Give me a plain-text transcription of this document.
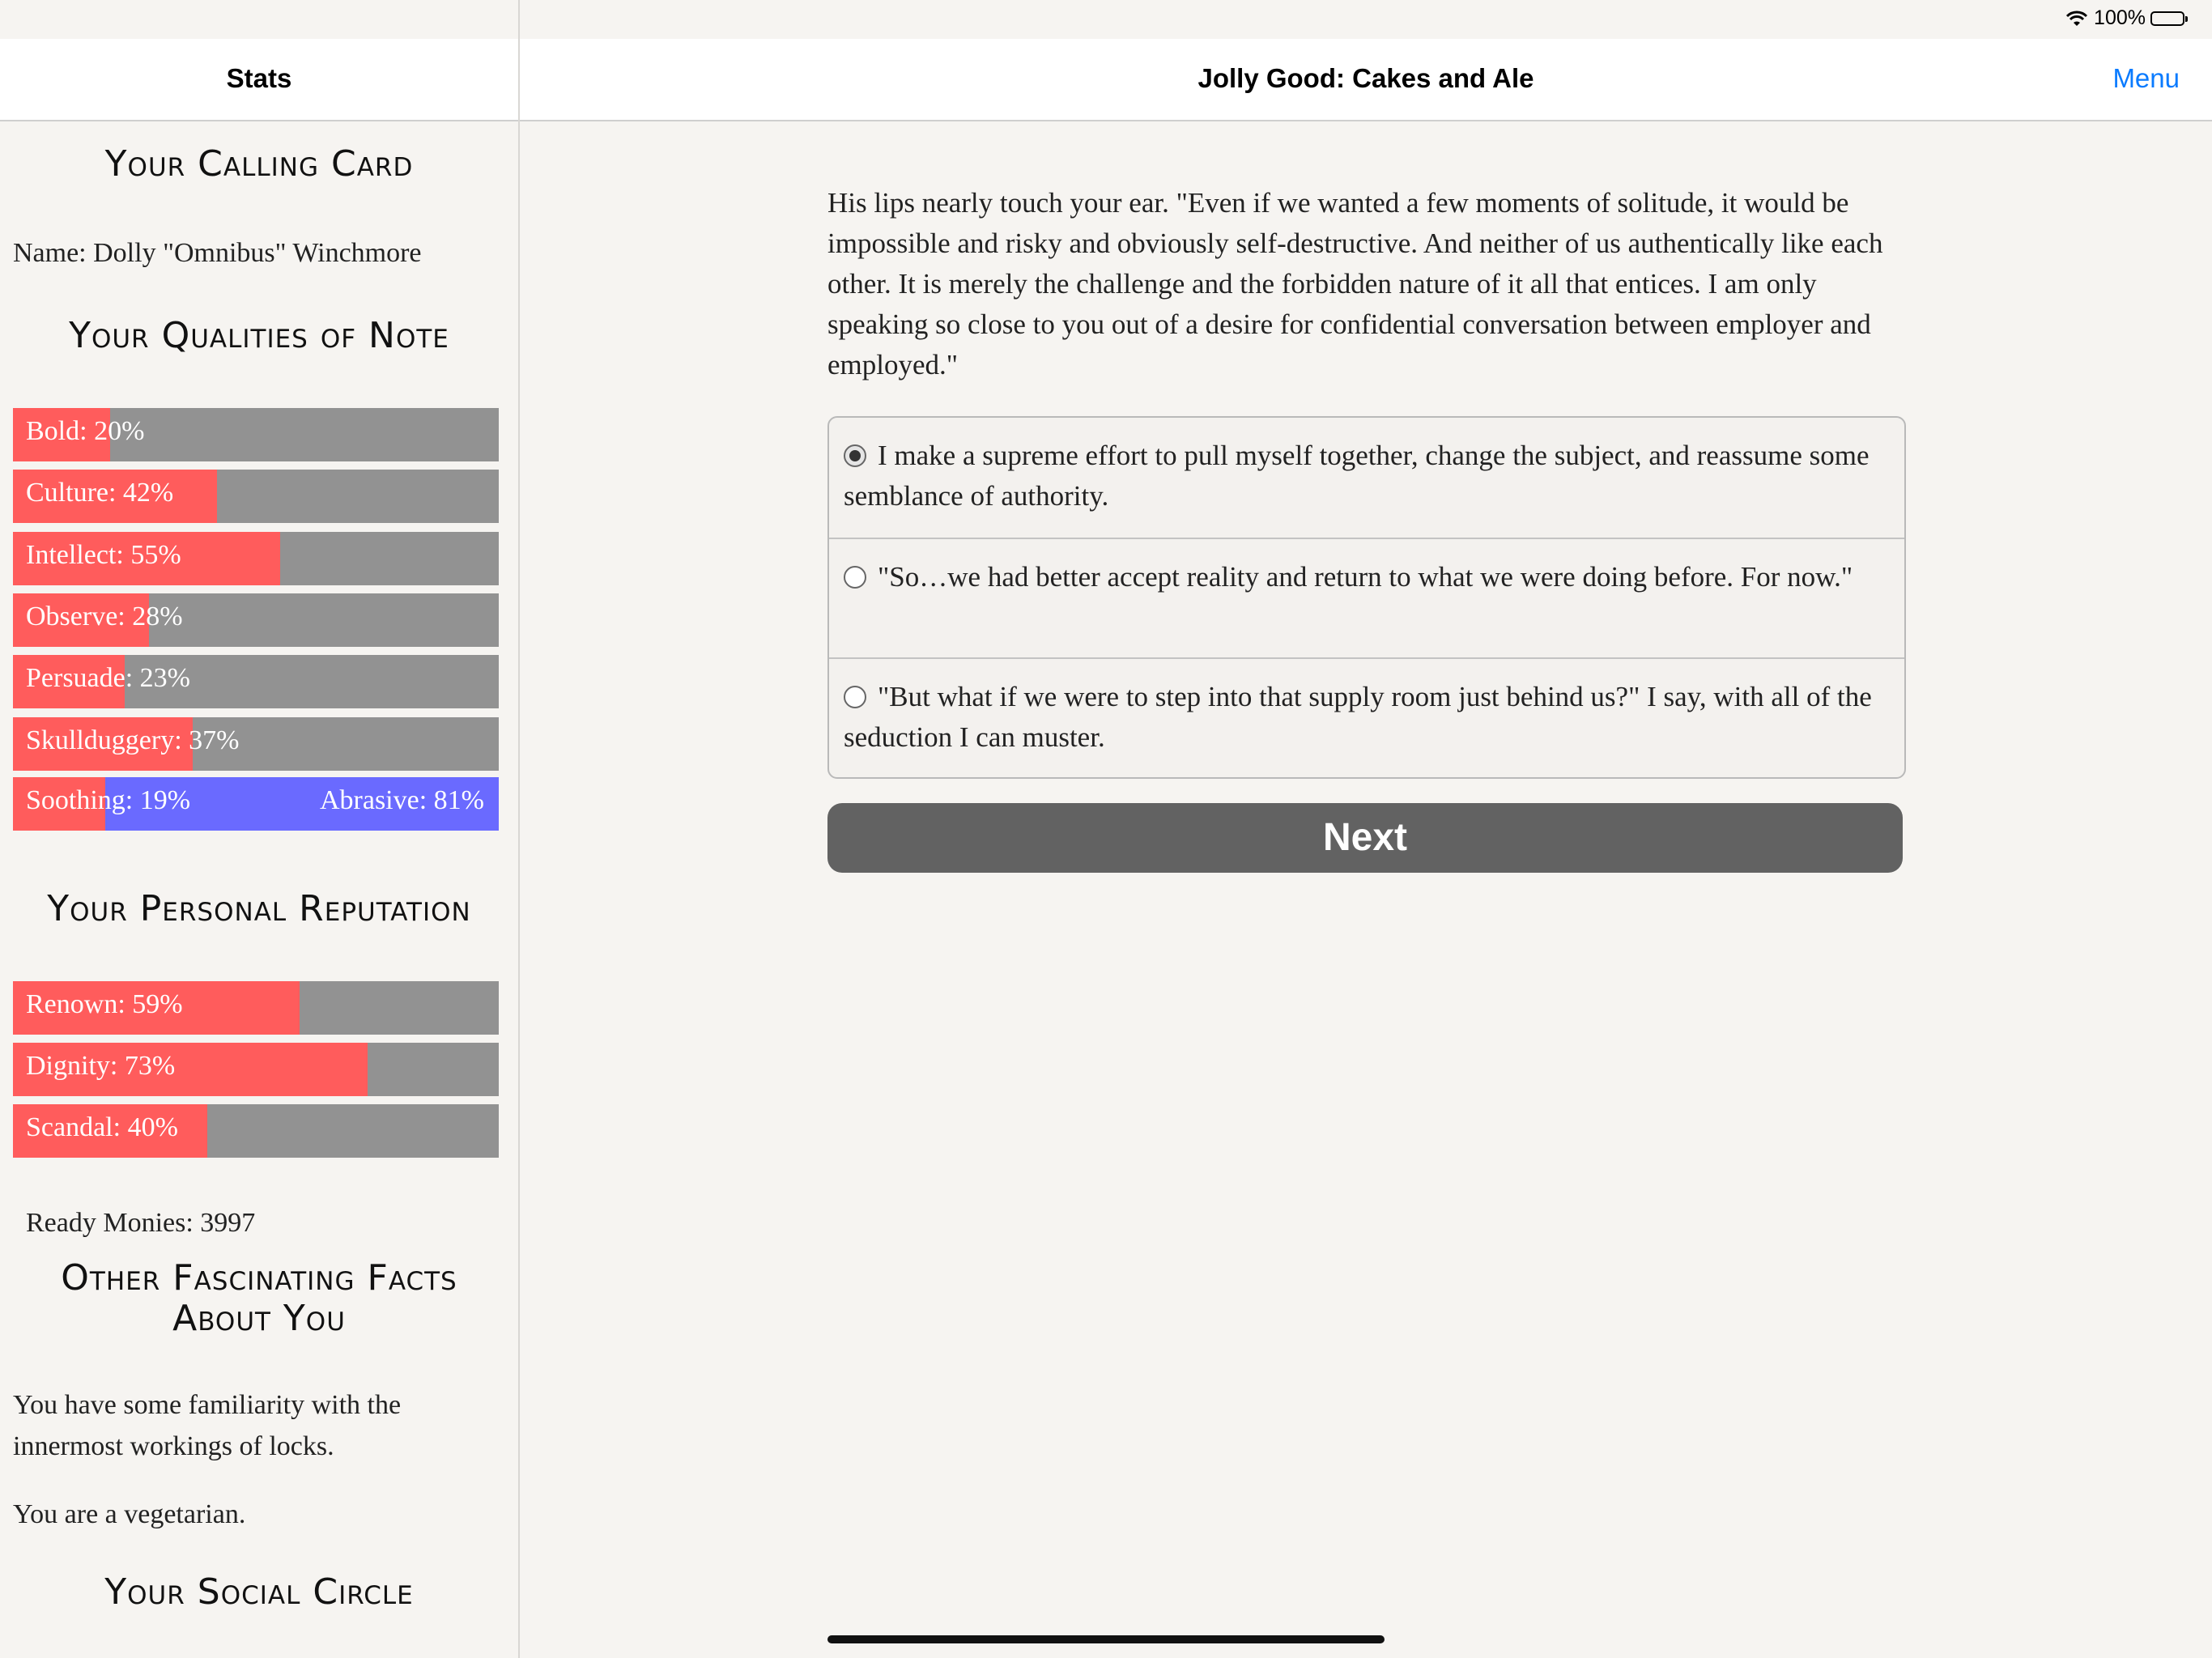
100%
Stats
Your Calling Card
Name: Dolly "Omnibus" Winchmore
Your Qualities of Note
Bold: 20%
Culture: 42%
Intellect: 55%
Observe: 28%
Persuade: 23%
Skullduggery: 37%
Soothing: 19%	Abrasive: 81%
Your Personal Reputation
Renown: 59%
Dignity: 73%
Scandal: 40%
Ready Monies: 3997
Other Fascinating Facts About You
You have some familiarity with the innermost workings of locks.
You are a vegetarian.
Your Social Circle
Jolly Good: Cakes and Ale	Menu
His lips nearly touch your ear. "Even if we wanted a few moments of solitude, it would be impossible and risky and obviously self-destructive. And neither of us authentically like each other. It is merely the challenge and the forbidden nature of it all that entices. I am only speaking so close to you out of a desire for confidential conversation between employer and employed."
I make a supreme effort to pull myself together, change the subject, and reassume some semblance of authority.
"So…we had better accept reality and return to what we were doing before. For now."
"But what if we were to step into that supply room just behind us?" I say, with all of the seduction I can muster.
Next
